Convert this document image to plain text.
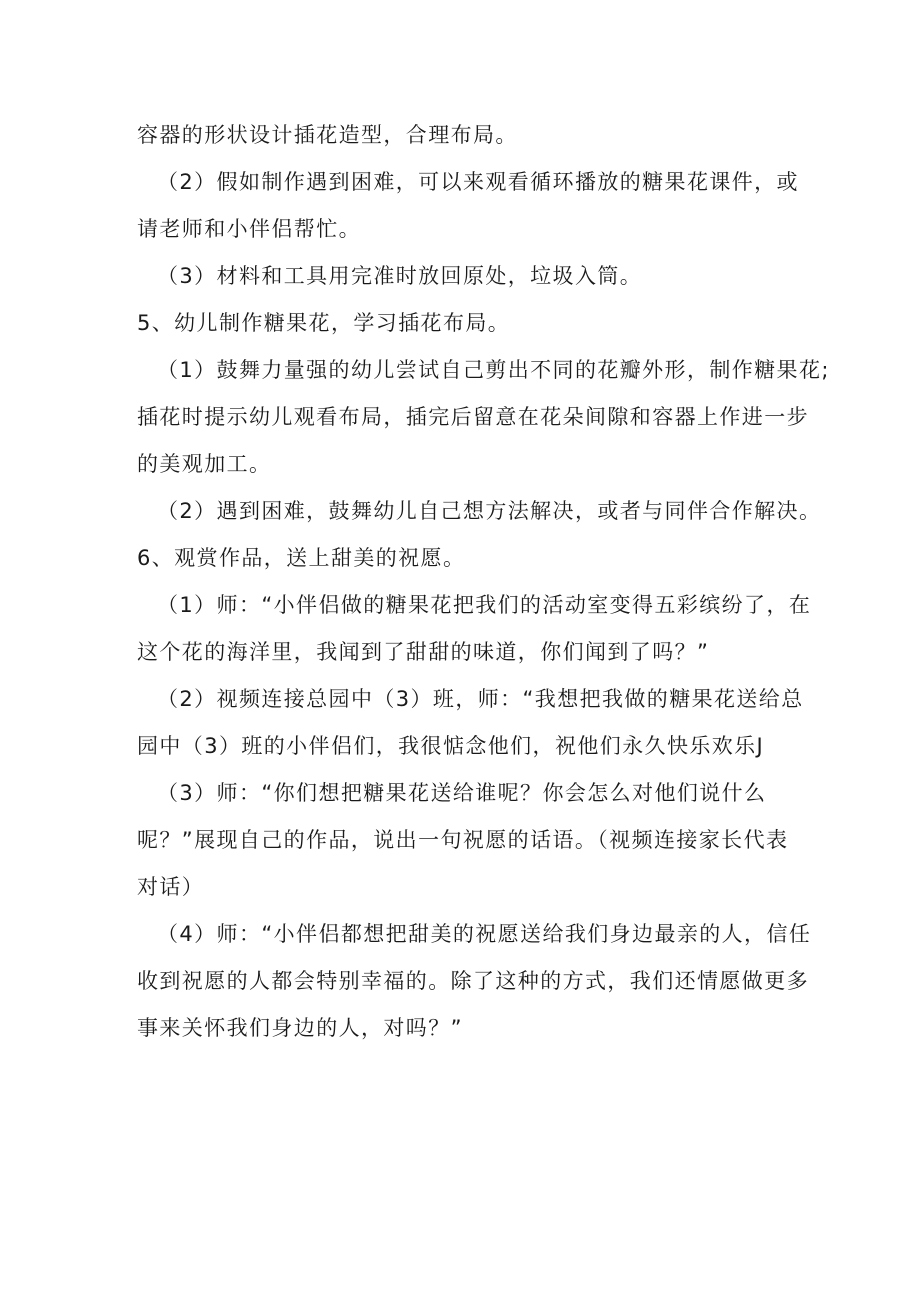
容器的形状设计插花造型，合理布局。
（2）假如制作遇到困难，可以来观看循环播放的糖果花课件，或
请老师和小伴侣帮忙。
（3）材料和工具用完准时放回原处，垃圾入筒。
5、幼儿制作糖果花，学习插花布局。
（1）鼓舞力量强的幼儿尝试自己剪出不同的花瓣外形，制作糖果花;
插花时提示幼儿观看布局，插完后留意在花朵间隙和容器上作进一步
的美观加工。
（2）遇到困难，鼓舞幼儿自己想方法解决，或者与同伴合作解决。
6、观赏作品，送上甜美的祝愿。
（1）师：“小伴侣做的糖果花把我们的活动室变得五彩缤纷了，在
这个花的海洋里，我闻到了甜甜的味道，你们闻到了吗？”
（2）视频连接总园中（3）班，师：“我想把我做的糖果花送给总
园中（3）班的小伴侣们，我很惦念他们，祝他们永久快乐欢乐J
（3）师：“你们想把糖果花送给谁呢？你会怎么对他们说什么
呢？”展现自己的作品，说出一句祝愿的话语。（视频连接家长代表
对话）
（4）师：“小伴侣都想把甜美的祝愿送给我们身边最亲的人，信任
收到祝愿的人都会特别幸福的。除了这种的方式，我们还情愿做更多
事来关怀我们身边的人，对吗？”
